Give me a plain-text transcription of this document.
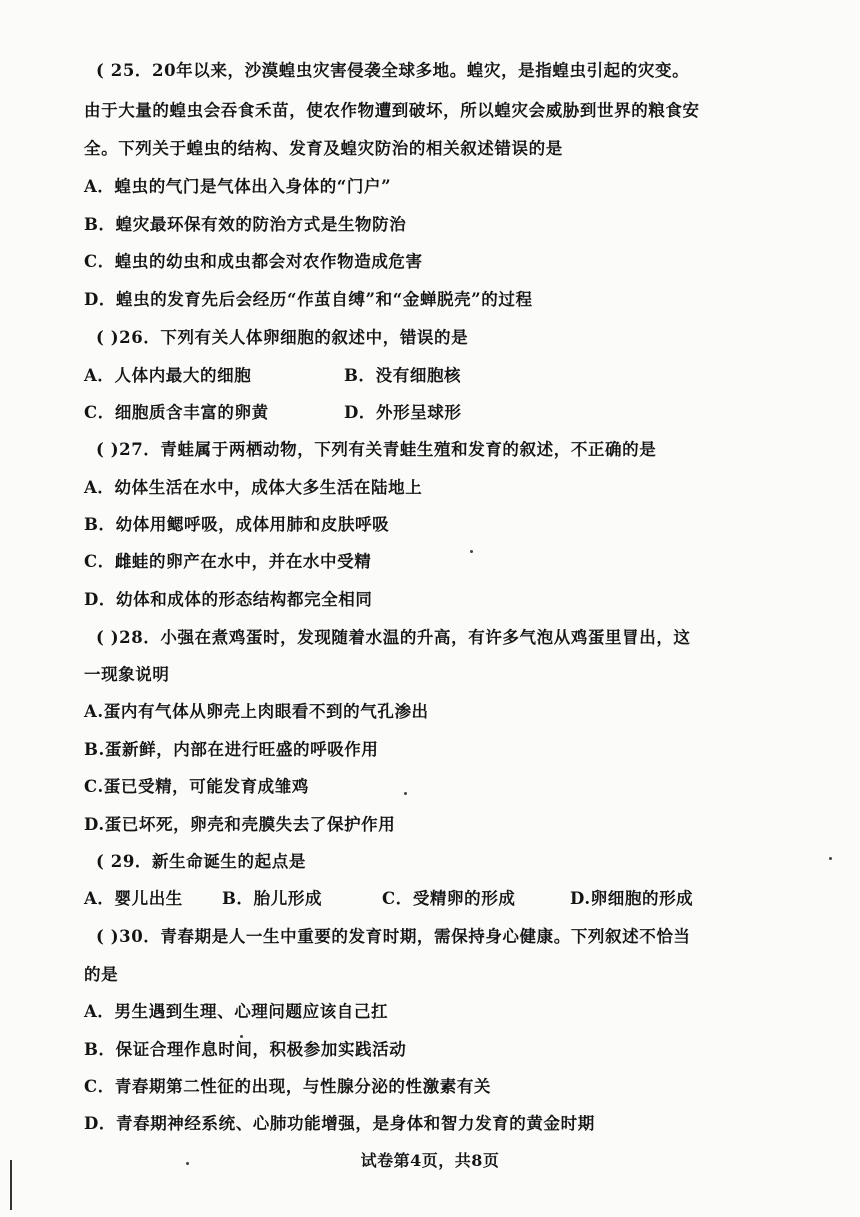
( 25．20年以来，沙漠蝗虫灾害侵袭全球多地。蝗灾，是指蝗虫引起的灾变。
由于大量的蝗虫会吞食禾苗，使农作物遭到破坏，所以蝗灾会威胁到世界的粮食安
全。下列关于蝗虫的结构、发育及蝗灾防治的相关叙述错误的是
A．蝗虫的气门是气体出入身体的“门户”
B．蝗灾最环保有效的防治方式是生物防治
C．蝗虫的幼虫和成虫都会对农作物造成危害
D．蝗虫的发育先后会经历“作茧自缚”和“金蝉脱壳”的过程
( )26．下列有关人体卵细胞的叙述中，错误的是
A．人体内最大的细胞	B．没有细胞核
C．细胞质含丰富的卵黄	D．外形呈球形
( )27．青蛙属于两栖动物，下列有关青蛙生殖和发育的叙述，不正确的是
A．幼体生活在水中，成体大多生活在陆地上
B．幼体用鳃呼吸，成体用肺和皮肤呼吸
C．雌蛙的卵产在水中，并在水中受精
D．幼体和成体的形态结构都完全相同
( )28．小强在煮鸡蛋时，发现随着水温的升高，有许多气泡从鸡蛋里冒出，这
一现象说明
A.蛋内有气体从卵壳上肉眼看不到的气孔渗出
B.蛋新鲜，内部在进行旺盛的呼吸作用
C.蛋已受精，可能发育成雏鸡
D.蛋已坏死，卵壳和壳膜失去了保护作用
( 29．新生命诞生的起点是
A．婴儿出生 B．胎儿形成	C．受精卵的形成	D.卵细胞的形成
( )30．青春期是人一生中重要的发育时期，需保持身心健康。下列叙述不恰当
的是
A．男生遇到生理、心理问题应该自己扛
B．保证合理作息时间，积极参加实践活动
C．青春期第二性征的出现，与性腺分泌的性激素有关
D．青春期神经系统、心肺功能增强，是身体和智力发育的黄金时期
试卷第4页，共8页
